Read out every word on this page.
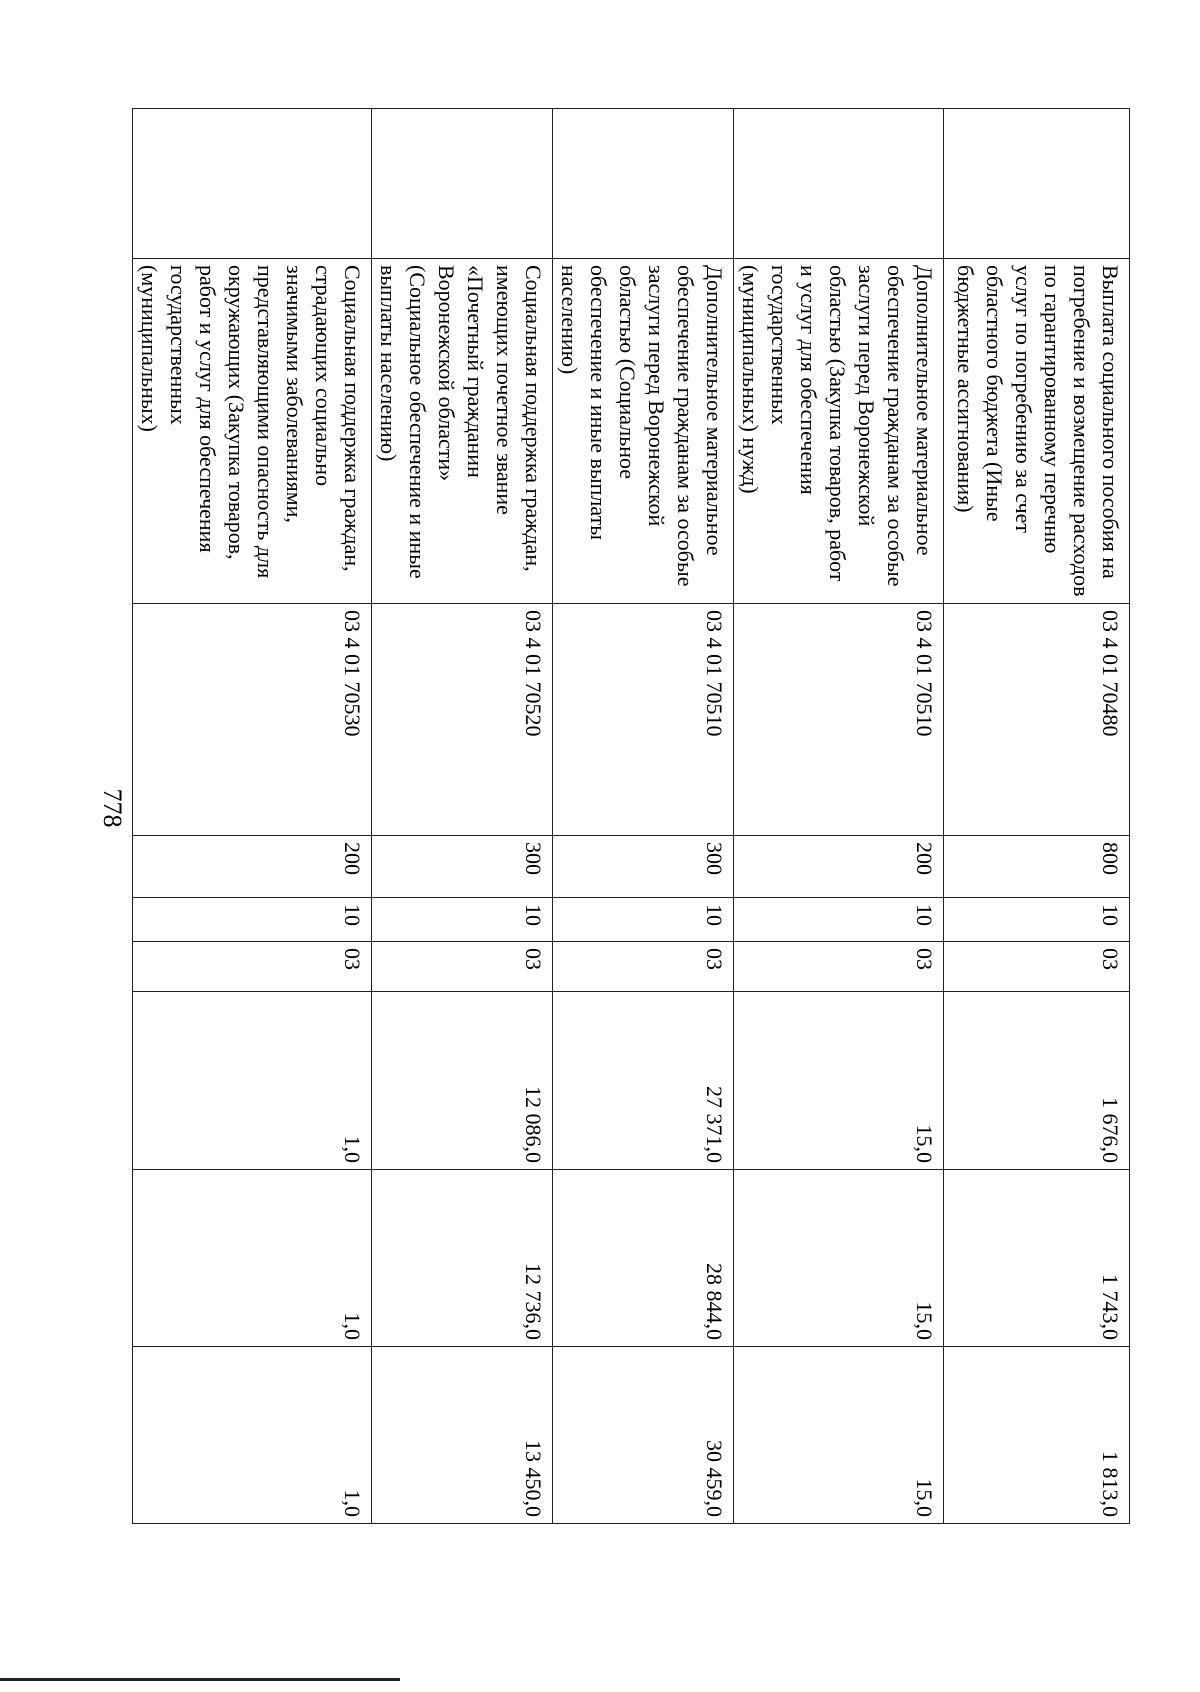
778
	Выплата социального пособия на погребение и возмещение расходов по гарантированному перечню услуг по погребению за счет областного бюджета (Иные бюджетные ассигнования)	03 4 01 70480	800	10	03	1 676,0	1 743,0	1 813,0
	Дополнительное материальное обеспечение гражданам за особые заслуги перед Воронежской областью (Закупка товаров, работ и услуг для обеспечения государственных (муниципальных) нужд)	03 4 01 70510	200	10	03	15,0	15,0	15,0
	Дополнительное материальное обеспечение гражданам за особые заслуги перед Воронежской областью (Социальное обеспечение и иные выплаты населению)	03 4 01 70510	300	10	03	27 371,0	28 844,0	30 459,0
	Социальная поддержка граждан, имеющих почетное звание «Почетный гражданин Воронежской области» (Социальное обеспечение и иные выплаты населению)	03 4 01 70520	300	10	03	12 086,0	12 736,0	13 450,0
	Социальная поддержка граждан, страдающих социально значимыми заболеваниями, представляющими опасность для окружающих (Закупка товаров, работ и услуг для обеспечения государственных (муниципальных)	03 4 01 70530	200	10	03	1,0	1,0	1,0
